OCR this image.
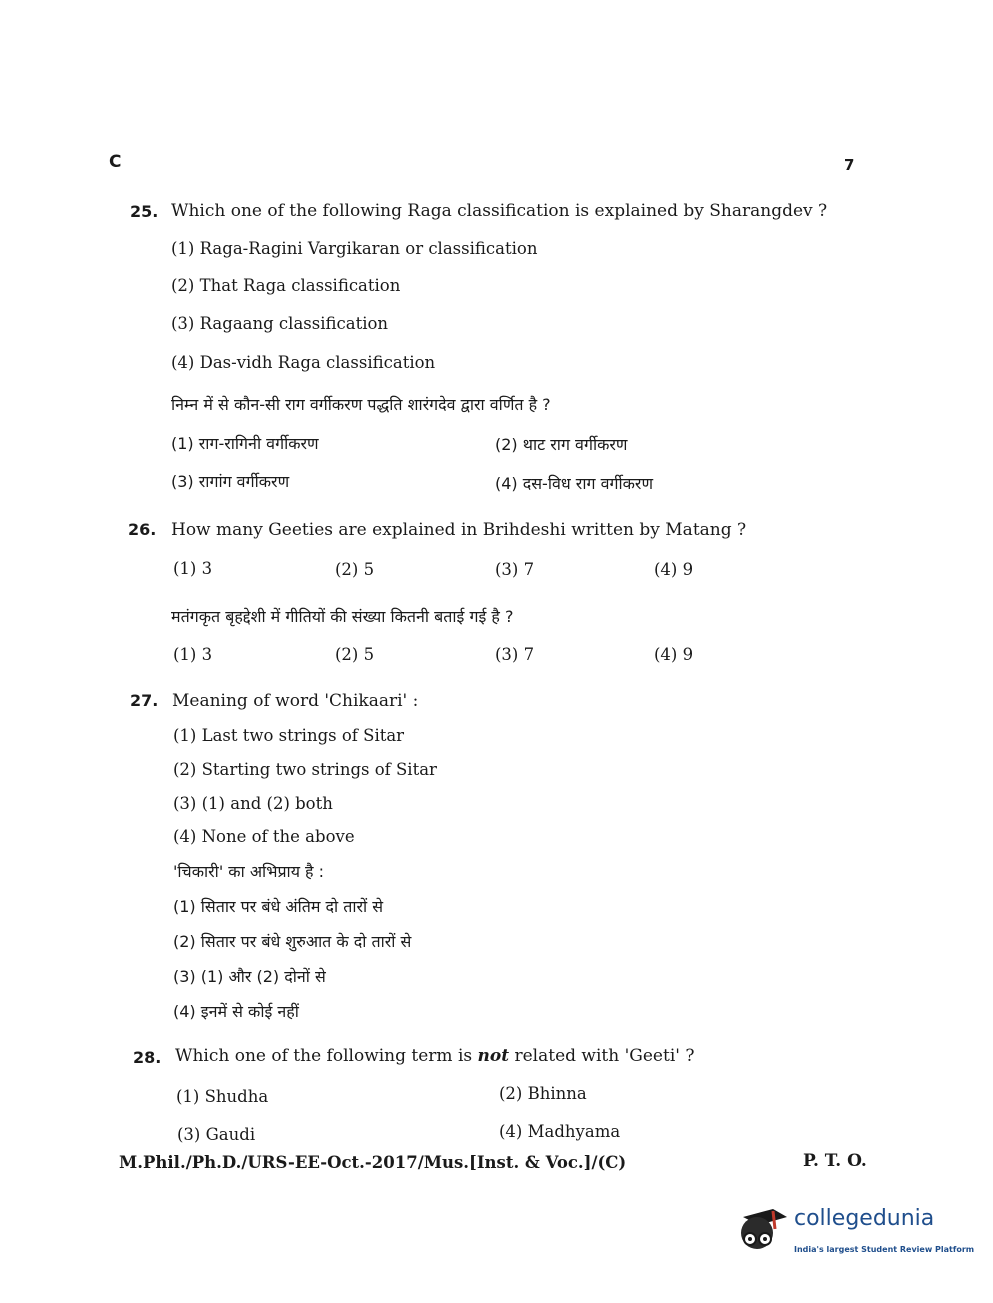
C	7
25. Which one of the following Raga classification is explained by Sharangdev ?
(1) Raga-Ragini Vargikaran or classification
(2) That Raga classification
(3) Ragaang classification
(4) Das-vidh Raga classification
निम्न में से कौन-सी राग वर्गीकरण पद्धति शारंगदेव द्वारा वर्णित है ?
(1) राग-रागिनी वर्गीकरण	(2) थाट राग वर्गीकरण
(3) रागांग वर्गीकरण	(4) दस-विध राग वर्गीकरण
26. How many Geeties are explained in Brihdeshi written by Matang ?
(1) 3	(2) 5	(3) 7	(4) 9
मतंगकृत बृहद्देशी में गीतियों की संख्या कितनी बताई गई है ?
(1) 3	(2) 5	(3) 7	(4) 9
27. Meaning of word 'Chikaari' :
(1) Last two strings of Sitar
(2) Starting two strings of Sitar
(3) (1) and (2) both
(4) None of the above
'चिकारी' का अभिप्राय है :
(1) सितार पर बंधे अंतिम दो तारों से
(2) सितार पर बंधे शुरुआत के दो तारों से
(3) (1) और (2) दोनों से
(4) इनमें से कोई नहीं
28. Which one of the following term is not related with 'Geeti' ?
(1) Shudha	(2) Bhinna
(3) Gaudi	(4) Madhyama
M.Phil./Ph.D./URS-EE-Oct.-2017/Mus.[Inst. & Voc.]/(C)	P. T. O.
collegedunia
India's largest Student Review Platform
